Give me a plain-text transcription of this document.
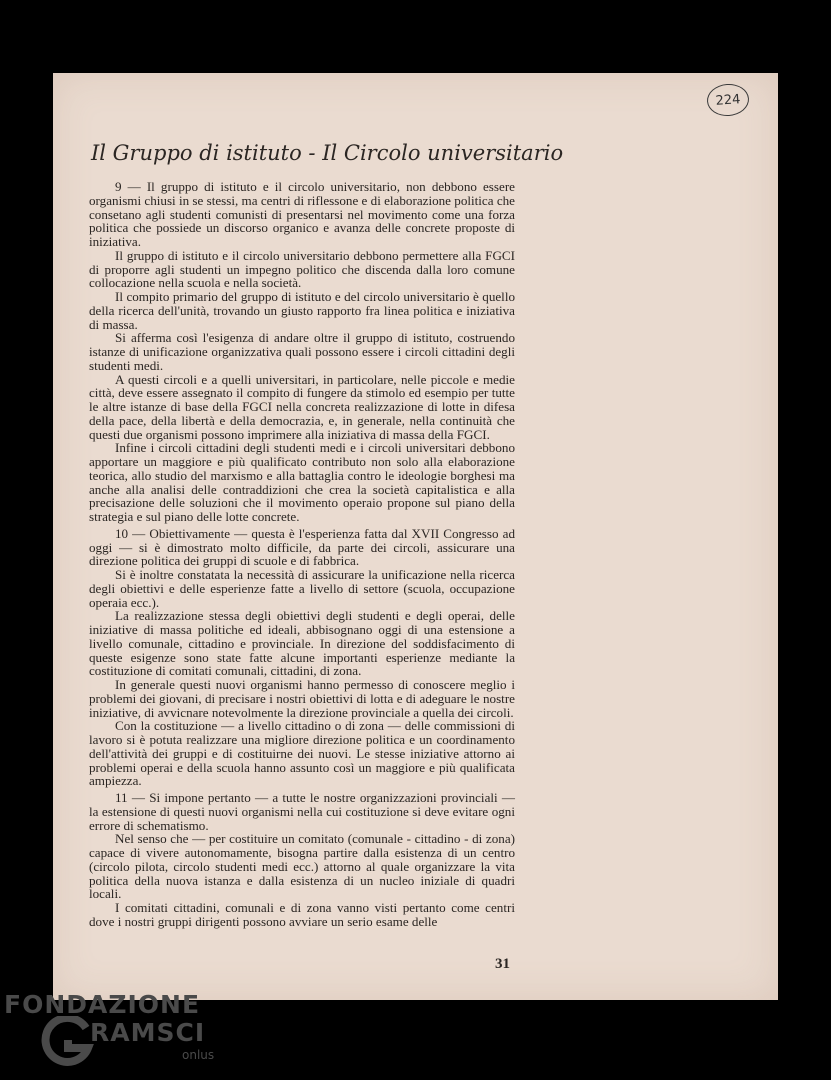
224
Il Gruppo di istituto - Il Circolo universitario

9 — Il gruppo di istituto e il circolo universitario, non debbono essere organismi chiusi in se stessi, ma centri di riflessone e di elaborazione politica che consetano agli studenti comunisti di presentarsi nel movimento come una forza politica che possiede un discorso organico e avanza delle concrete proposte di iniziativa.

Il gruppo di istituto e il circolo universitario debbono permettere alla FGCI di proporre agli studenti un impegno politico che discenda dalla loro comune collocazione nella scuola e nella società.

Il compito primario del gruppo di istituto e del circolo universitario è quello della ricerca dell'unità, trovando un giusto rapporto fra linea politica e iniziativa di massa.

Si afferma così l'esigenza di andare oltre il gruppo di istituto, costruendo istanze di unificazione organizzativa quali possono essere i circoli cittadini degli studenti medi.

A questi circoli e a quelli universitari, in particolare, nelle piccole e medie città, deve essere assegnato il compito di fungere da stimolo ed esempio per tutte le altre istanze di base della FGCI nella concreta realizzazione di lotte in difesa della pace, della libertà e della democrazia, e, in generale, nella continuità che questi due organismi possono imprimere alla iniziativa di massa della FGCI.

Infine i circoli cittadini degli studenti medi e i circoli universitari debbono apportare un maggiore e più qualificato contributo non solo alla elaborazione teorica, allo studio del marxismo e alla battaglia contro le ideologie borghesi ma anche alla analisi delle contraddizioni che crea la società capitalistica e alla precisazione delle soluzioni che il movimento operaio propone sul piano della strategia e sul piano delle lotte concrete.

10 — Obiettivamente — questa è l'esperienza fatta dal XVII Congresso ad oggi — si è dimostrato molto difficile, da parte dei circoli, assicurare una direzione politica dei gruppi di scuole e di fabbrica.

Si è inoltre constatata la necessità di assicurare la unificazione nella ricerca degli obiettivi e delle esperienze fatte a livello di settore (scuola, occupazione operaia ecc.).

La realizzazione stessa degli obiettivi degli studenti e degli operai, delle iniziative di massa politiche ed ideali, abbisognano oggi di una estensione a livello comunale, cittadino e provinciale. In direzione del soddisfacimento di queste esigenze sono state fatte alcune importanti esperienze mediante la costituzione di comitati comunali, cittadini, di zona.

In generale questi nuovi organismi hanno permesso di conoscere meglio i problemi dei giovani, di precisare i nostri obiettivi di lotta e di adeguare le nostre iniziative, di avvicnare notevolmente la direzione provinciale a quella dei circoli.

Con la costituzione — a livello cittadino o di zona — delle commissioni di lavoro si è potuta realizzare una migliore direzione politica e un coordinamento dell'attività dei gruppi e di costituirne dei nuovi. Le stesse iniziative attorno ai problemi operai e della scuola hanno assunto così un maggiore e più qualificata ampiezza.

11 — Si impone pertanto — a tutte le nostre organizzazioni provinciali — la estensione di questi nuovi organismi nella cui costituzione si deve evitare ogni errore di schematismo.

Nel senso che — per costituire un comitato (comunale - cittadino - di zona) capace di vivere autonomamente, bisogna partire dalla esistenza di un centro (circolo pilota, circolo studenti medi ecc.) attorno al quale organizzare la vita politica della nuova istanza e dalla esistenza di un nucleo iniziale di quadri locali.

I comitati cittadini, comunali e di zona vanno visti pertanto come centri dove i nostri gruppi dirigenti possono avviare un serio esame delle

31
FONDAZIONE
RAMSCI
onlus
